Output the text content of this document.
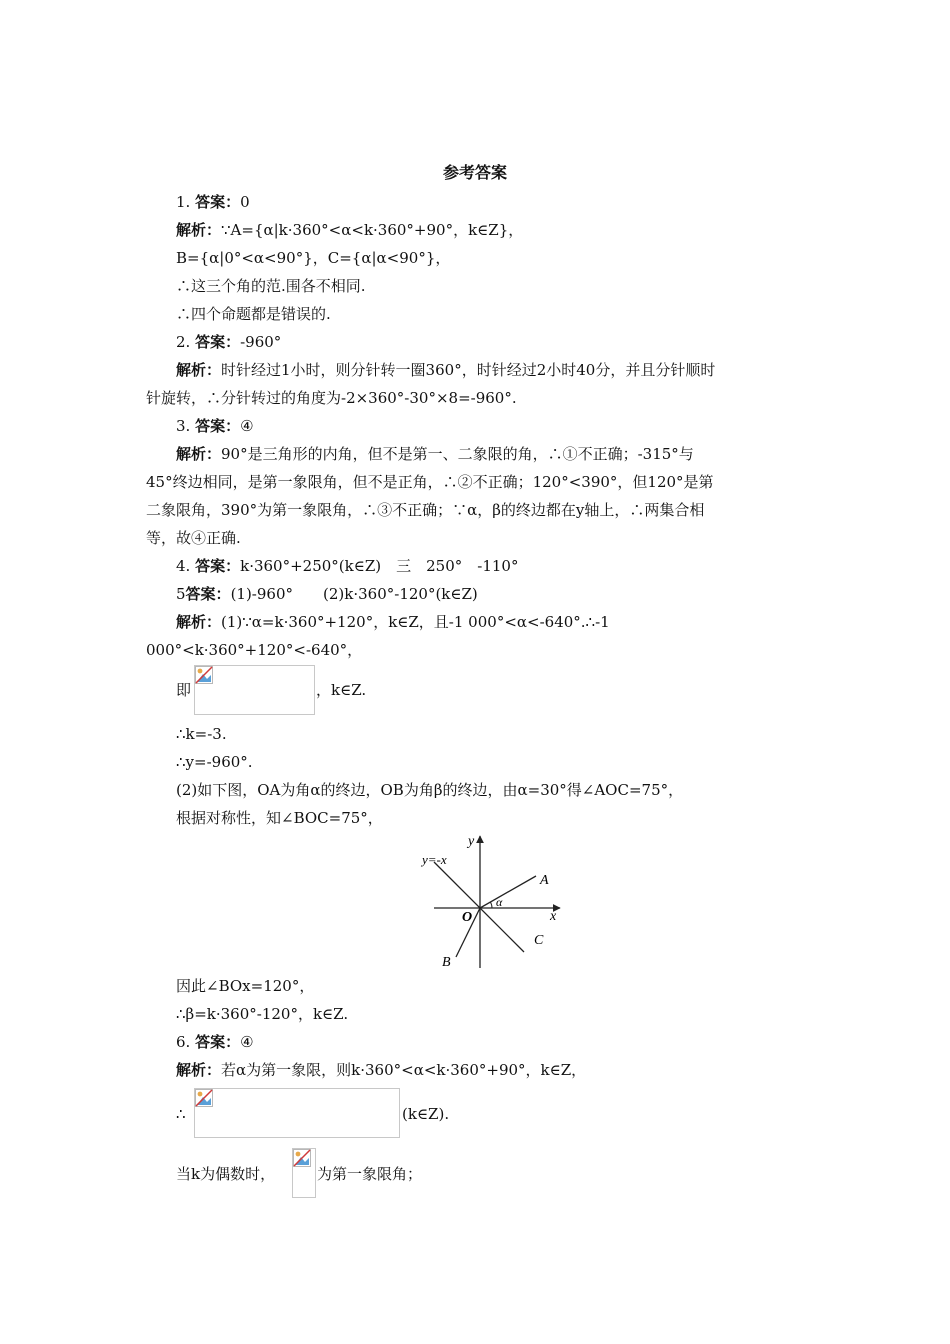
参考答案
1. 答案：0
解析：∵A={α|k·360°<α<k·360°+90°，k∈Z}，
B={α|0°<α<90°}，C={α|α<90°}，
∴这三个角的范.围各不相同.
∴四个命题都是错误的.
2. 答案：-960°
解析：时针经过1小时，则分针转一圈360°，时针经过2小时40分，并且分针顺时
针旋转，∴分针转过的角度为-2×360°-30°×8=-960°.
3. 答案：④
解析：90°是三角形的内角，但不是第一、二象限的角，∴①不正确；-315°与
45°终边相同，是第一象限角，但不是正角，∴②不正确；120°<390°，但120°是第
二象限角，390°为第一象限角，∴③不正确；∵α，β的终边都在y轴上，∴两集合相
等，故④正确.
4. 答案：k·360°+250°(k∈Z)　三　250°　-110°
5答案：(1)-960°　　(2)k·360°-120°(k∈Z)
解析：(1)∵α=k·360°+120°，k∈Z，且-1 000°<α<-640°.∴-1
000°<k·360°+120°<-640°，
即	，k∈Z.
∴k=-3.
∴y=-960°.
(2)如下图，OA为角α的终边，OB为角β的终边，由α=30°得∠AOC=75°，
根据对称性，知∠BOC=75°，
y
x
O
A
C
B
α
y=-x
因此∠BOx=120°，
∴β=k·360°-120°，k∈Z.
6. 答案：④
解析：若α为第一象限，则k·360°<α<k·360°+90°，k∈Z，
∴	(k∈Z).
当k为偶数时，	为第一象限角；
